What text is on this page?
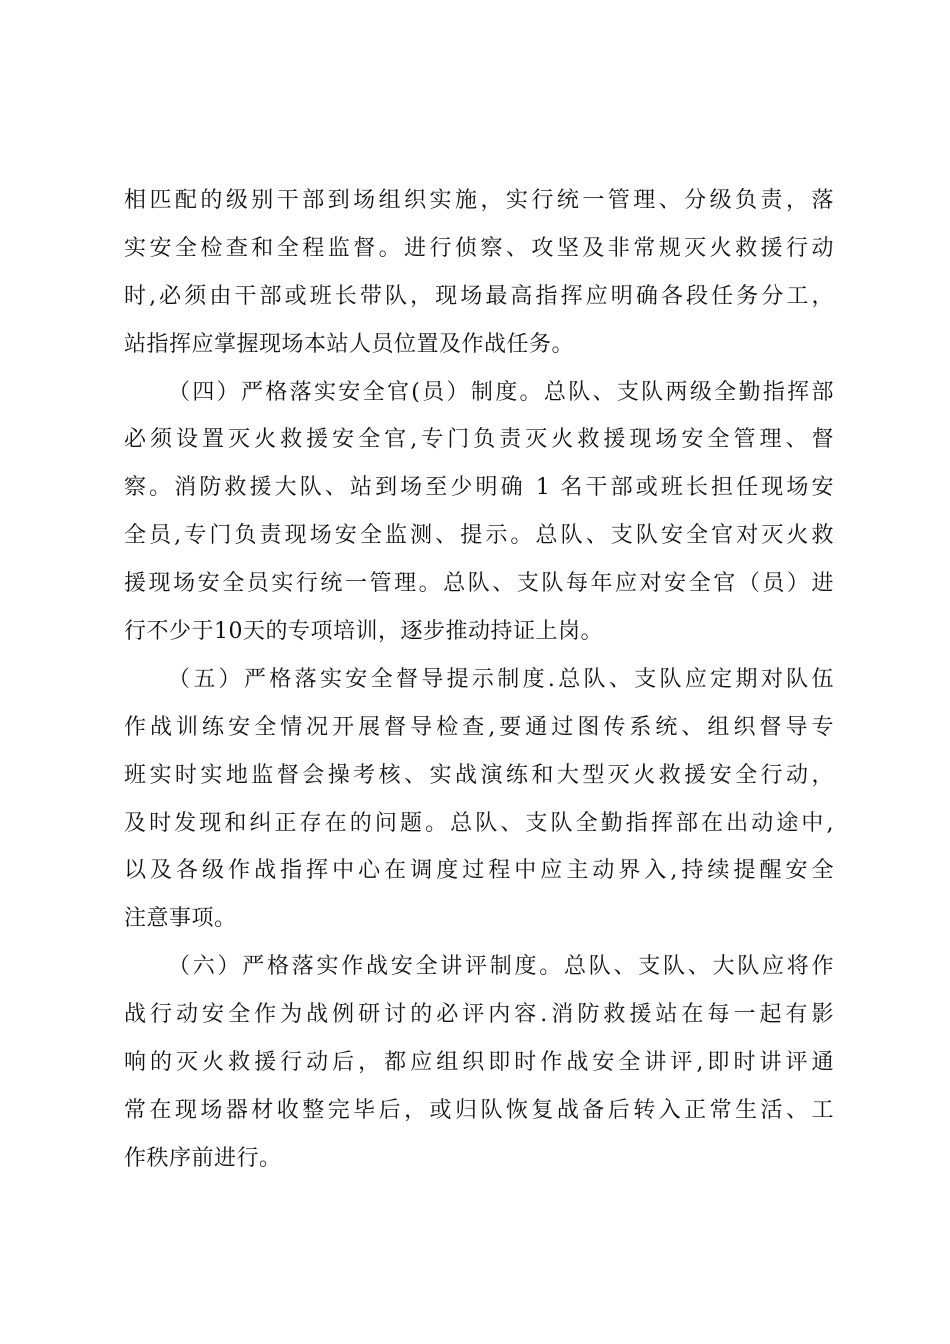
相匹配的级别干部到场组织实施，实行统一管理、分级负责，落
实安全检查和全程监督。进行侦察、攻坚及非常规灭火救援行动
时,必须由干部或班长带队，现场最高指挥应明确各段任务分工，
站指挥应掌握现场本站人员位置及作战任务。
（四）严格落实安全官(员）制度。总队、支队两级全勤指挥部
必须设置灭火救援安全官,专门负责灭火救援现场安全管理、督
察。消防救援大队、站到场至少明确 1 名干部或班长担任现场安
全员,专门负责现场安全监测、提示。总队、支队安全官对灭火救
援现场安全员实行统一管理。总队、支队每年应对安全官（员）进
行不少于10天的专项培训，逐步推动持证上岗。
（五）严格落实安全督导提示制度.总队、支队应定期对队伍
作战训练安全情况开展督导检查,要通过图传系统、组织督导专
班实时实地监督会操考核、实战演练和大型灭火救援安全行动，
及时发现和纠正存在的问题。总队、支队全勤指挥部在出动途中,
以及各级作战指挥中心在调度过程中应主动界入,持续提醒安全
注意事项。
（六）严格落实作战安全讲评制度。总队、支队、大队应将作
战行动安全作为战例研讨的必评内容.消防救援站在每一起有影
响的灭火救援行动后，都应组织即时作战安全讲评,即时讲评通
常在现场器材收整完毕后，或归队恢复战备后转入正常生活、工
作秩序前进行。
